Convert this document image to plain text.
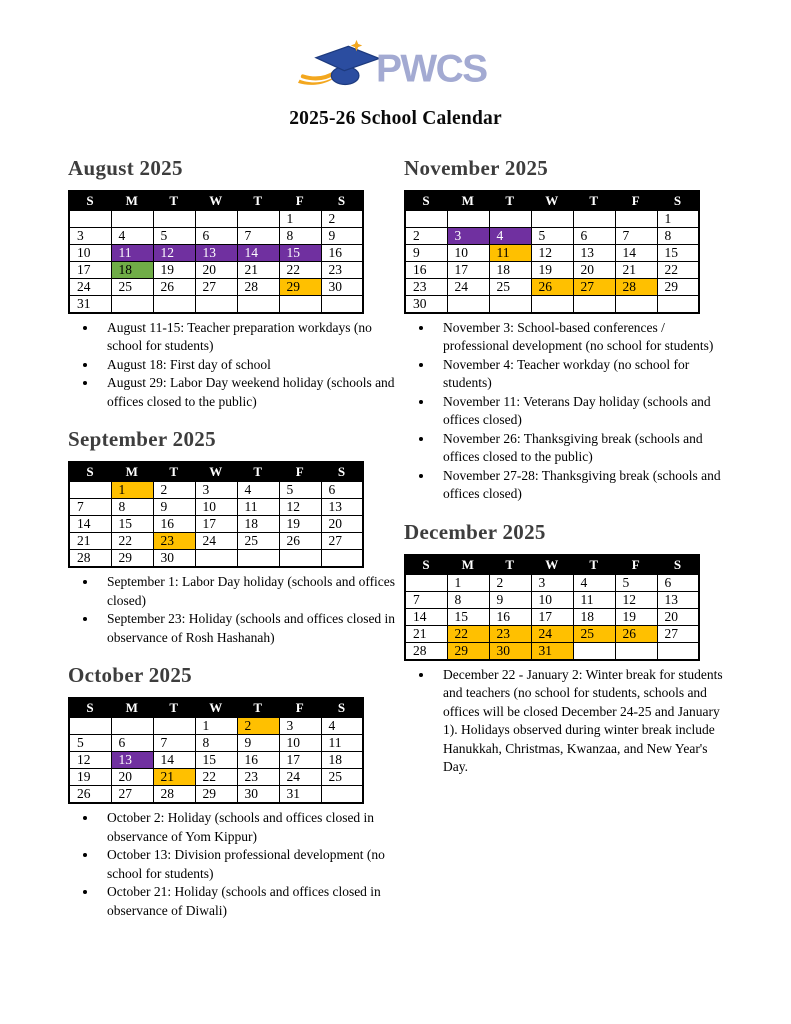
PWCS
2025-26 School Calendar
August 2025
S	M	T	W	T	F	S
					1	2
3	4	5	6	7	8	9
10	11	12	13	14	15	16
17	18	19	20	21	22	23
24	25	26	27	28	29	30
31						
• August 11-15: Teacher preparation workdays (no school for students)
• August 18: First day of school
• August 29: Labor Day weekend holiday (schools and offices closed to the public)
September 2025
S	M	T	W	T	F	S
	1	2	3	4	5	6
7	8	9	10	11	12	13
14	15	16	17	18	19	20
21	22	23	24	25	26	27
28	29	30				
• September 1: Labor Day holiday (schools and offices closed)
• September 23: Holiday (schools and offices closed in observance of Rosh Hashanah)
October 2025
S	M	T	W	T	F	S
			1	2	3	4
5	6	7	8	9	10	11
12	13	14	15	16	17	18
19	20	21	22	23	24	25
26	27	28	29	30	31	
• October 2: Holiday (schools and offices closed in observance of Yom Kippur)
• October 13: Division professional development (no school for students)
• October 21: Holiday (schools and offices closed in observance of Diwali)
November 2025
S	M	T	W	T	F	S
						1
2	3	4	5	6	7	8
9	10	11	12	13	14	15
16	17	18	19	20	21	22
23	24	25	26	27	28	29
30						
• November 3: School-based conferences / professional development (no school for students)
• November 4: Teacher workday (no school for students)
• November 11: Veterans Day holiday (schools and offices closed)
• November 26: Thanksgiving break (schools and offices closed to the public)
• November 27-28: Thanksgiving break (schools and offices closed)
December 2025
S	M	T	W	T	F	S
	1	2	3	4	5	6
7	8	9	10	11	12	13
14	15	16	17	18	19	20
21	22	23	24	25	26	27
28	29	30	31			
• December 22 - January 2: Winter break for students and teachers (no school for students, schools and offices will be closed December 24-25 and January 1). Holidays observed during winter break include Hanukkah, Christmas, Kwanzaa, and New Year's Day.
